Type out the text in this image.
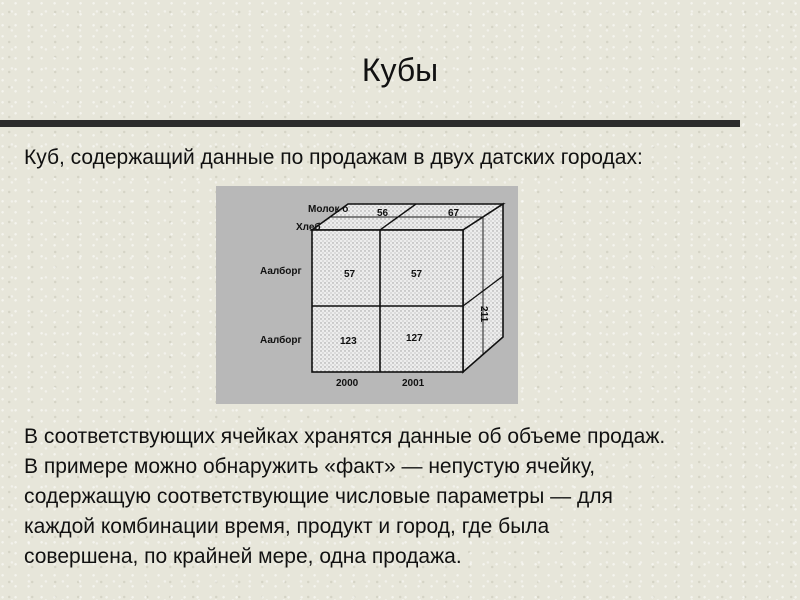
Кубы
Куб, содержащий данные по продажам в двух датских городах:
Молок о
Хлеб
56	67
Аалборг
Аалборг
57	57
123	127
211
2000	2001

В соответствующих ячейках хранятся данные об объеме продаж.

В примере можно обнаружить «факт» — непустую ячейку,

содержащую соответствующие числовые параметры — для

каждой комбинации время, продукт и город, где была

совершена, по крайней мере, одна продажа.
